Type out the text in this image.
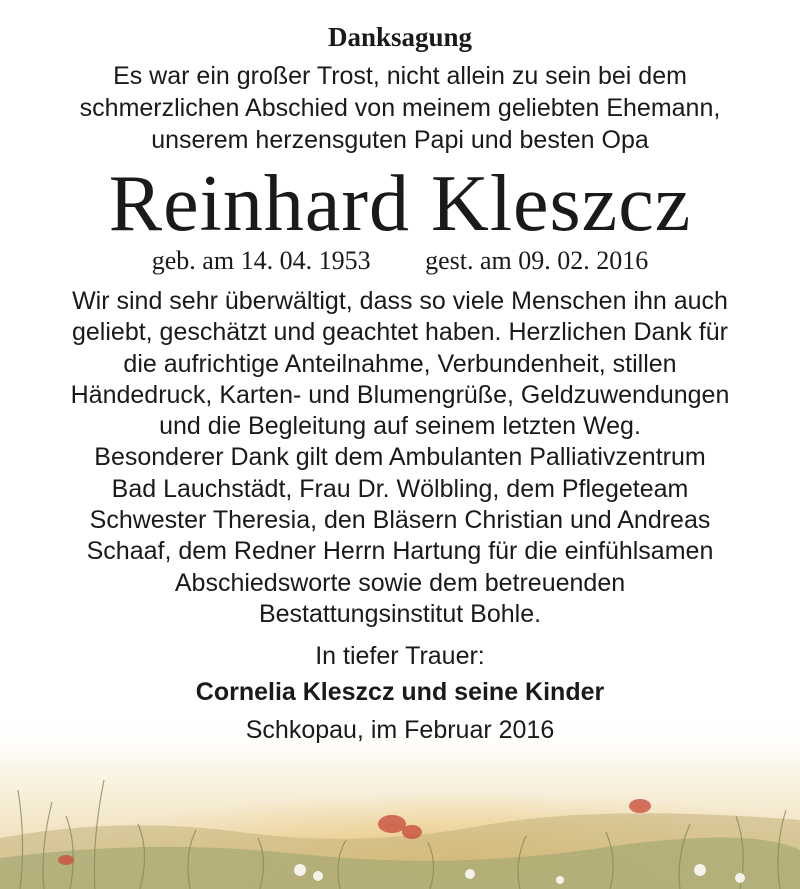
Danksagung
Es war ein großer Trost, nicht allein zu sein bei dem
schmerzlichen Abschied von meinem geliebten Ehemann,
unserem herzensguten Papi und besten Opa
Reinhard Kleszcz
geb. am 14. 04. 1953 gest. am 09. 02. 2016
Wir sind sehr überwältigt, dass so viele Menschen ihn auch
geliebt, geschätzt und geachtet haben. Herzlichen Dank für
die aufrichtige Anteilnahme, Verbundenheit, stillen
Händedruck, Karten- und Blumengrüße, Geldzuwendungen
und die Begleitung auf seinem letzten Weg.
Besonderer Dank gilt dem Ambulanten Palliativzentrum
Bad Lauchstädt, Frau Dr. Wölbling, dem Pflegeteam
Schwester Theresia, den Bläsern Christian und Andreas
Schaaf, dem Redner Herrn Hartung für die einfühlsamen
Abschiedsworte sowie dem betreuenden
Bestattungsinstitut Bohle.
In tiefer Trauer:
Cornelia Kleszcz und seine Kinder
Schkopau, im Februar 2016
